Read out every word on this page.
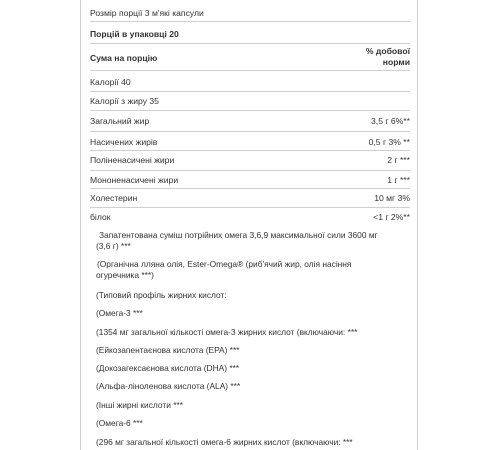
Розмір порції 3 м'які капсули
Порцій в упаковці 20
Сума на порцію
% добової
норми
Калорії 40
Калорії з жиру 35
Загальний жир	3,5 г 6%**
Насичених жирів	0,5 г 3% **
Поліненасичені жири	2 г ***
Мононенасичені жири	1 г ***
Холестерин	10 мг 3%
білок	<1 г 2%**
Запатентована суміш потрійних омега 3,6,9 максимальної сили 3600 мг
(3,6 г) ***
(Органічна лляна олія, Ester-Omega® (риб'ячий жир, олія насіння
огуречника ***)
(Типовий профіль жирних кислот:
(Омега-3 ***
(1354 мг загальної кількості омега-3 жирних кислот (включаючи: ***
(Ейкозапентаєнова кислота (EPA) ***
(Докозагексаєнова кислота (DHA) ***
(Альфа-ліноленова кислота (ALA) ***
(Інші жирні кислоти ***
(Омега-6 ***
(296 мг загальної кількості омега-6 жирних кислот (включаючи: ***
